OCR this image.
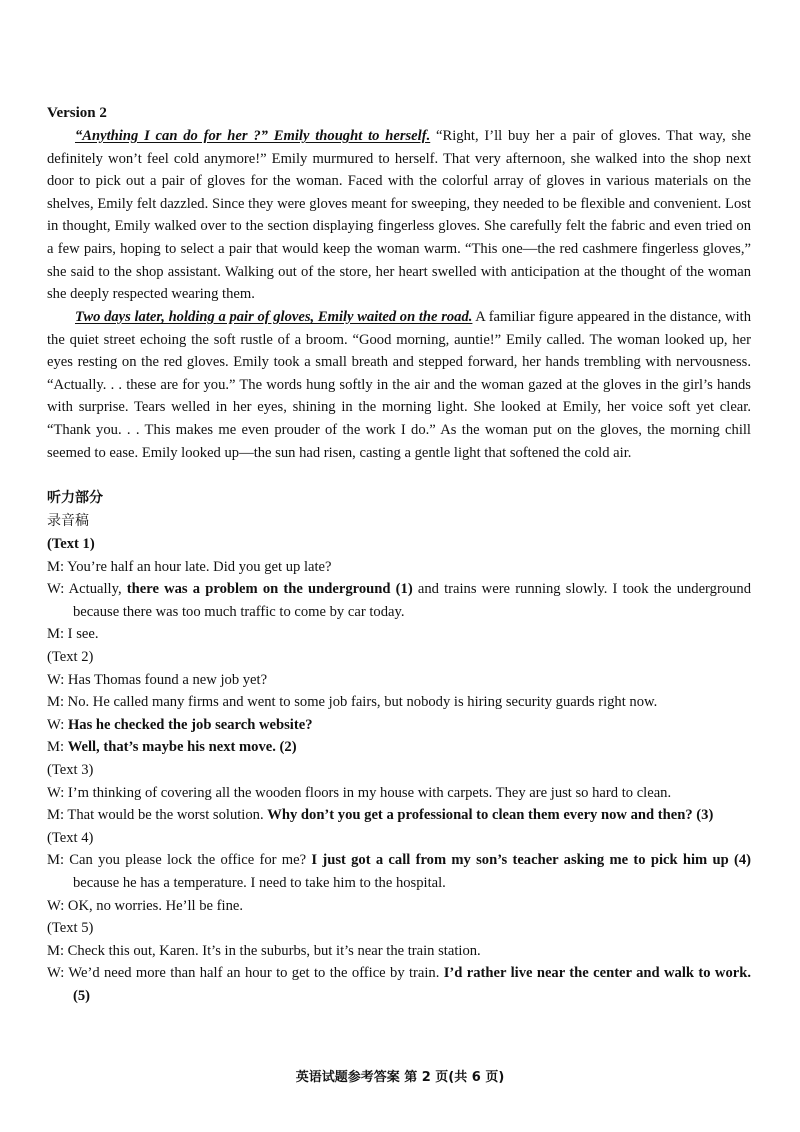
Version 2

“Anything I can do for her ?” Emily thought to herself. “Right, I’ll buy her a pair of gloves. That way, she definitely won’t feel cold anymore!” Emily murmured to herself. That very afternoon, she walked into the shop next door to pick out a pair of gloves for the woman. Faced with the colorful array of gloves in various materials on the shelves, Emily felt dazzled. Since they were gloves meant for sweeping, they needed to be flexible and convenient. Lost in thought, Emily walked over to the section displaying fingerless gloves. She carefully felt the fabric and even tried on a few pairs, hoping to select a pair that would keep the woman warm. “This one—the red cashmere fingerless gloves,” she said to the shop assistant. Walking out of the store, her heart swelled with anticipation at the thought of the woman she deeply respected wearing them.

Two days later, holding a pair of gloves, Emily waited on the road. A familiar figure appeared in the distance, with the quiet street echoing the soft rustle of a broom. “Good morning, auntie!” Emily called. The woman looked up, her eyes resting on the red gloves. Emily took a small breath and stepped forward, her hands trembling with nervousness. “Actually. . . these are for you.” The words hung softly in the air and the woman gazed at the gloves in the girl’s hands with surprise. Tears welled in her eyes, shining in the morning light. She looked at Emily, her voice soft yet clear. “Thank you. . . This makes me even prouder of the work I do.” As the woman put on the gloves, the morning chill seemed to ease. Emily looked up—the sun had risen, casting a gentle light that softened the cold air.

听力部分
录音稿

(Text 1)

M: You’re half an hour late. Did you get up late?

W: Actually, there was a problem on the underground (1) and trains were running slowly. I took the underground because there was too much traffic to come by car today.

M: I see.

(Text 2)

W: Has Thomas found a new job yet?

M: No. He called many firms and went to some job fairs, but nobody is hiring security guards right now.

W: Has he checked the job search website?

M: Well, that’s maybe his next move. (2)

(Text 3)

W: I’m thinking of covering all the wooden floors in my house with carpets. They are just so hard to clean.

M: That would be the worst solution. Why don’t you get a professional to clean them every now and then? (3)

(Text 4)

M: Can you please lock the office for me? I just got a call from my son’s teacher asking me to pick him up (4) because he has a temperature. I need to take him to the hospital.

W: OK, no worries. He’ll be fine.

(Text 5)

M: Check this out, Karen. It’s in the suburbs, but it’s near the train station.

W: We’d need more than half an hour to get to the office by train. I’d rather live near the center and walk to work. (5)

英语试题参考答案 第 2 页(共 6 页)
